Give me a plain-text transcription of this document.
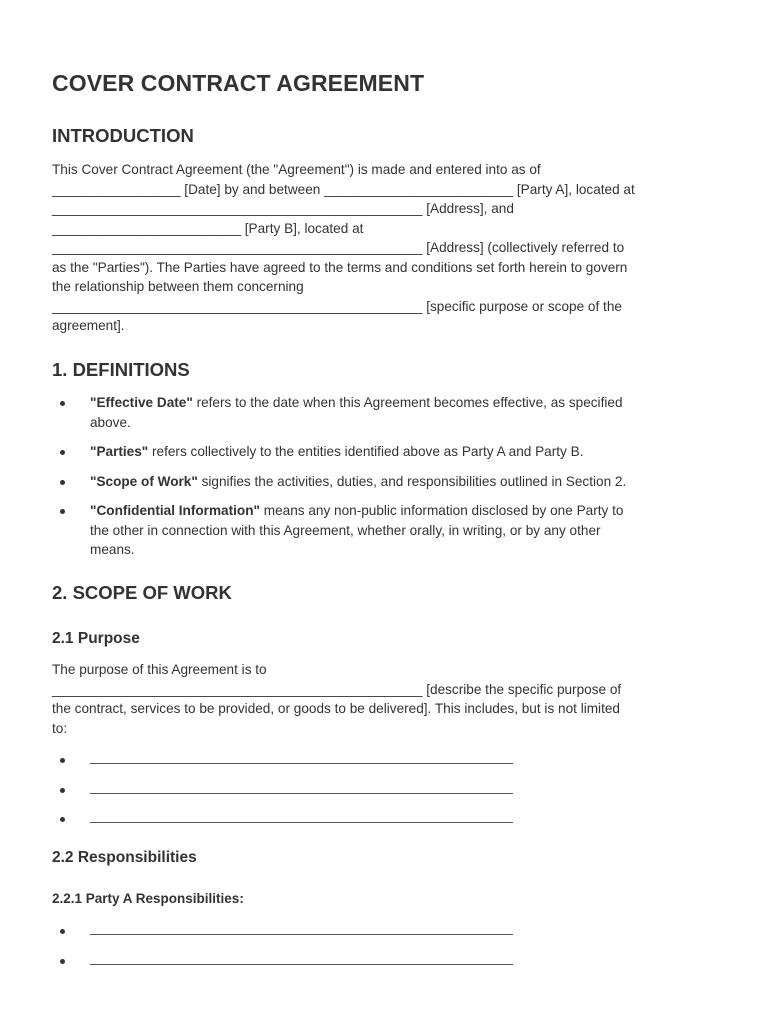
COVER CONTRACT AGREEMENT
INTRODUCTION
This Cover Contract Agreement (the "Agreement") is made and entered into as of
_________________ [Date] by and between _________________________ [Party A], located at
_________________________________________________ [Address], and
_________________________ [Party B], located at
_________________________________________________ [Address] (collectively referred to
as the "Parties"). The Parties have agreed to the terms and conditions set forth herein to govern
the relationship between them concerning
_________________________________________________ [specific purpose or scope of the
agreement].
1. DEFINITIONS
"Effective Date" refers to the date when this Agreement becomes effective, as specified
above.
"Parties" refers collectively to the entities identified above as Party A and Party B.
"Scope of Work" signifies the activities, duties, and responsibilities outlined in Section 2.
"Confidential Information" means any non-public information disclosed by one Party to
the other in connection with this Agreement, whether orally, in writing, or by any other
means.
2. SCOPE OF WORK
2.1 Purpose
The purpose of this Agreement is to
_________________________________________________ [describe the specific purpose of
the contract, services to be provided, or goods to be delivered]. This includes, but is not limited
to:
2.2 Responsibilities
2.2.1 Party A Responsibilities:
